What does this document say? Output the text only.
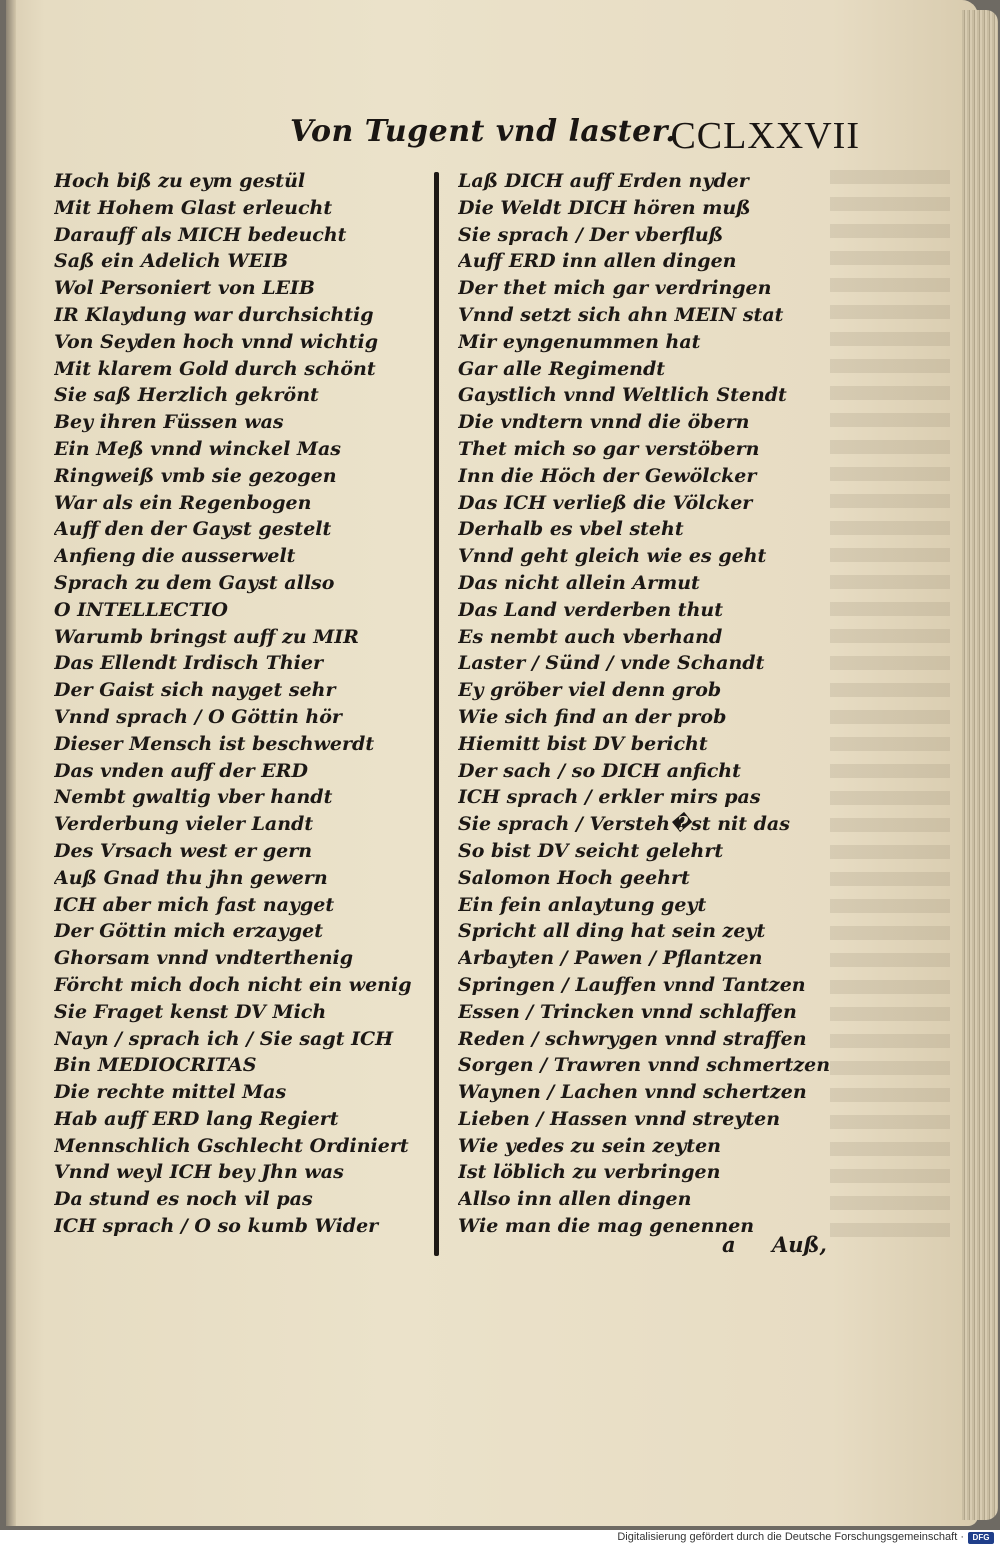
Von Tugent vnd laster.
CCLXXVII
Hoch biß zu eym gestül
Mit Hohem Glast erleucht
Darauff als MICH bedeucht
Saß ein Adelich WEIB
Wol Personiert von LEIB
IR Klaydung war durchsichtig
Von Seyden hoch vnnd wichtig
Mit klarem Gold durch schönt
Sie saß Herzlich gekrönt
Bey ihren Füssen was
Ein Meß vnnd winckel Mas
Ringweiß vmb sie gezogen
War als ein Regenbogen
Auff den der Gayst gestelt
Anfieng die ausserwelt
Sprach zu dem Gayst allso
O INTELLECTIO
Warumb bringst auff zu MIR
Das Ellendt Irdisch Thier
Der Gaist sich nayget sehr
Vnnd sprach / O Göttin hör
Dieser Mensch ist beschwerdt
Das vnden auff der ERD
Nembt gwaltig vber handt
Verderbung vieler Landt
Des Vrsach west er gern
Auß Gnad thu jhn gewern
ICH aber mich fast nayget
Der Göttin mich erzayget
Ghorsam vnnd vndterthenig
Förcht mich doch nicht ein wenig
Sie Fraget kenst DV Mich
Nayn / sprach ich / Sie sagt ICH
Bin MEDIOCRITAS
Die rechte mittel Mas
Hab auff ERD lang Regiert
Mennschlich Gschlecht Ordiniert
Vnnd weyl ICH bey Jhn was
Da stund es noch vil pas
ICH sprach / O so kumb Wider
Laß DICH auff Erden nyder
Die Weldt DICH hören muß
Sie sprach / Der vberfluß
Auff ERD inn allen dingen
Der thet mich gar verdringen
Vnnd setzt sich ahn MEIN stat
Mir eyngenummen hat
Gar alle Regimendt
Gaystlich vnnd Weltlich Stendt
Die vndtern vnnd die öbern
Thet mich so gar verstöbern
Inn die Höch der Gewölcker
Das ICH verließ die Völcker
Derhalb es vbel steht
Vnnd geht gleich wie es geht
Das nicht allein Armut
Das Land verderben thut
Es nembt auch vberhand
Laster / Sünd / vnde Schandt
Ey gröber viel denn grob
Wie sich find an der prob
Hiemitt bist DV bericht
Der sach / so DICH anficht
ICH sprach / erkler mirs pas
Sie sprach / Versteh�st nit das
So bist DV seicht gelehrt
Salomon Hoch geehrt
Ein fein anlaytung geyt
Spricht all ding hat sein zeyt
Arbayten / Pawen / Pflantzen
Springen / Lauffen vnnd Tantzen
Essen / Trincken vnnd schlaffen
Reden / schwrygen vnnd straffen
Sorgen / Trawren vnnd schmertzen
Waynen / Lachen vnnd schertzen
Lieben / Hassen vnnd streyten
Wie yedes zu sein zeyten
Ist löblich zu verbringen
Allso inn allen dingen
Wie man die mag genennen
a Auß,
Digitalisierung gefördert durch die Deutsche Forschungsgemeinschaft ·	DFG
